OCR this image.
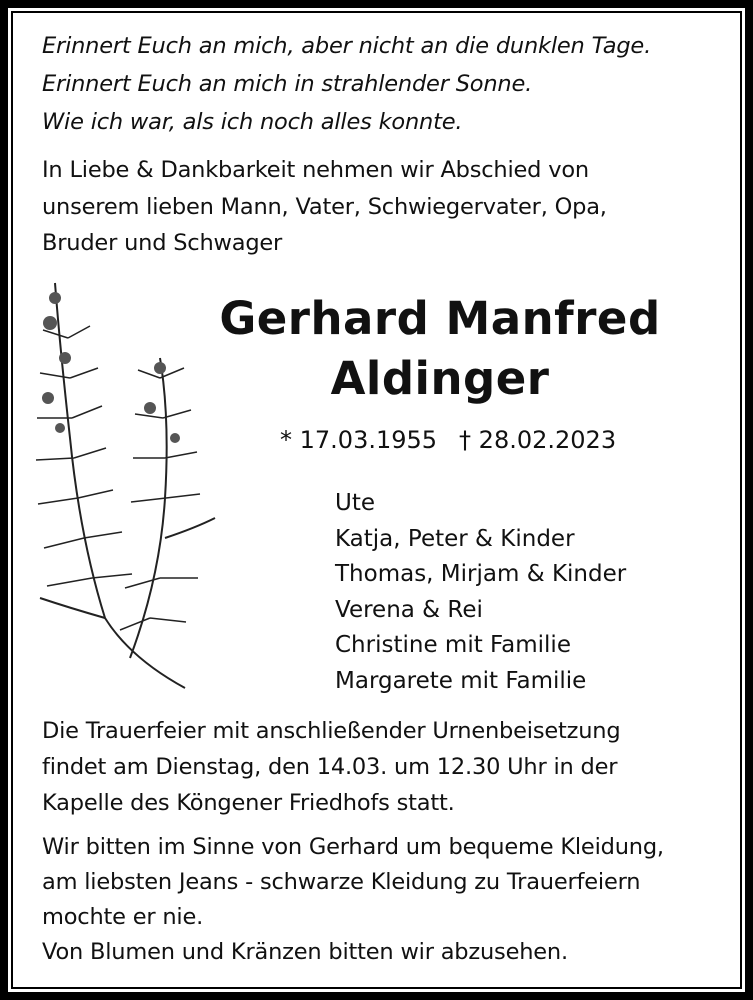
Erinnert Euch an mich, aber nicht an die dunklen Tage.
Erinnert Euch an mich in strahlender Sonne.
Wie ich war, als ich noch alles konnte.
In Liebe & Dankbarkeit nehmen wir Abschied von
unserem lieben Mann, Vater, Schwiegervater, Opa,
Bruder und Schwager
Gerhard Manfred
Aldinger
* 17.03.1955 † 28.02.2023
Ute
Katja, Peter & Kinder
Thomas, Mirjam & Kinder
Verena & Rei
Christine mit Familie
Margarete mit Familie
Die Trauerfeier mit anschließender Urnenbeisetzung
findet am Dienstag, den 14.03. um 12.30 Uhr in der
Kapelle des Köngener Friedhofs statt.
Wir bitten im Sinne von Gerhard um bequeme Kleidung,
am liebsten Jeans - schwarze Kleidung zu Trauerfeiern
mochte er nie.
Von Blumen und Kränzen bitten wir abzusehen.
